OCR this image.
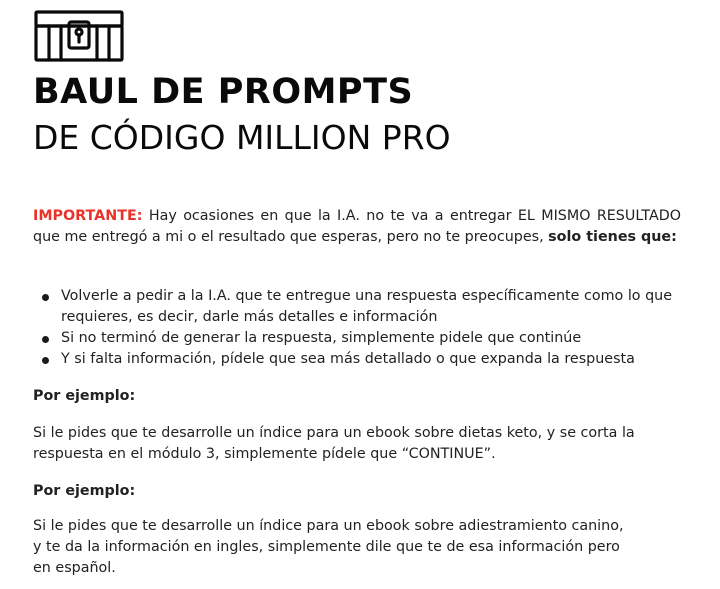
BAUL DE PROMPTS
DE CÓDIGO MILLION PRO

IMPORTANTE: Hay ocasiones en que la I.A. no te va a entregar EL MISMO RESULTADO que me entregó a mi o el resultado que esperas, pero no te preocupes, solo tienes que:

Volverle a pedir a la I.A. que te entregue una respuesta específicamente como lo que requieres, es decir, darle más detalles e información
Si no terminó de generar la respuesta, simplemente pidele que continúe
Y si falta información, pídele que sea más detallado o que expanda la respuesta

Por ejemplo:

Si le pides que te desarrolle un índice para un ebook sobre dietas keto, y se corta la
respuesta en el módulo 3, simplemente pídele que “CONTINUE”.

Por ejemplo:

Si le pides que te desarrolle un índice para un ebook sobre adiestramiento canino,
y te da la información en ingles, simplemente dile que te de esa información pero
en español.
